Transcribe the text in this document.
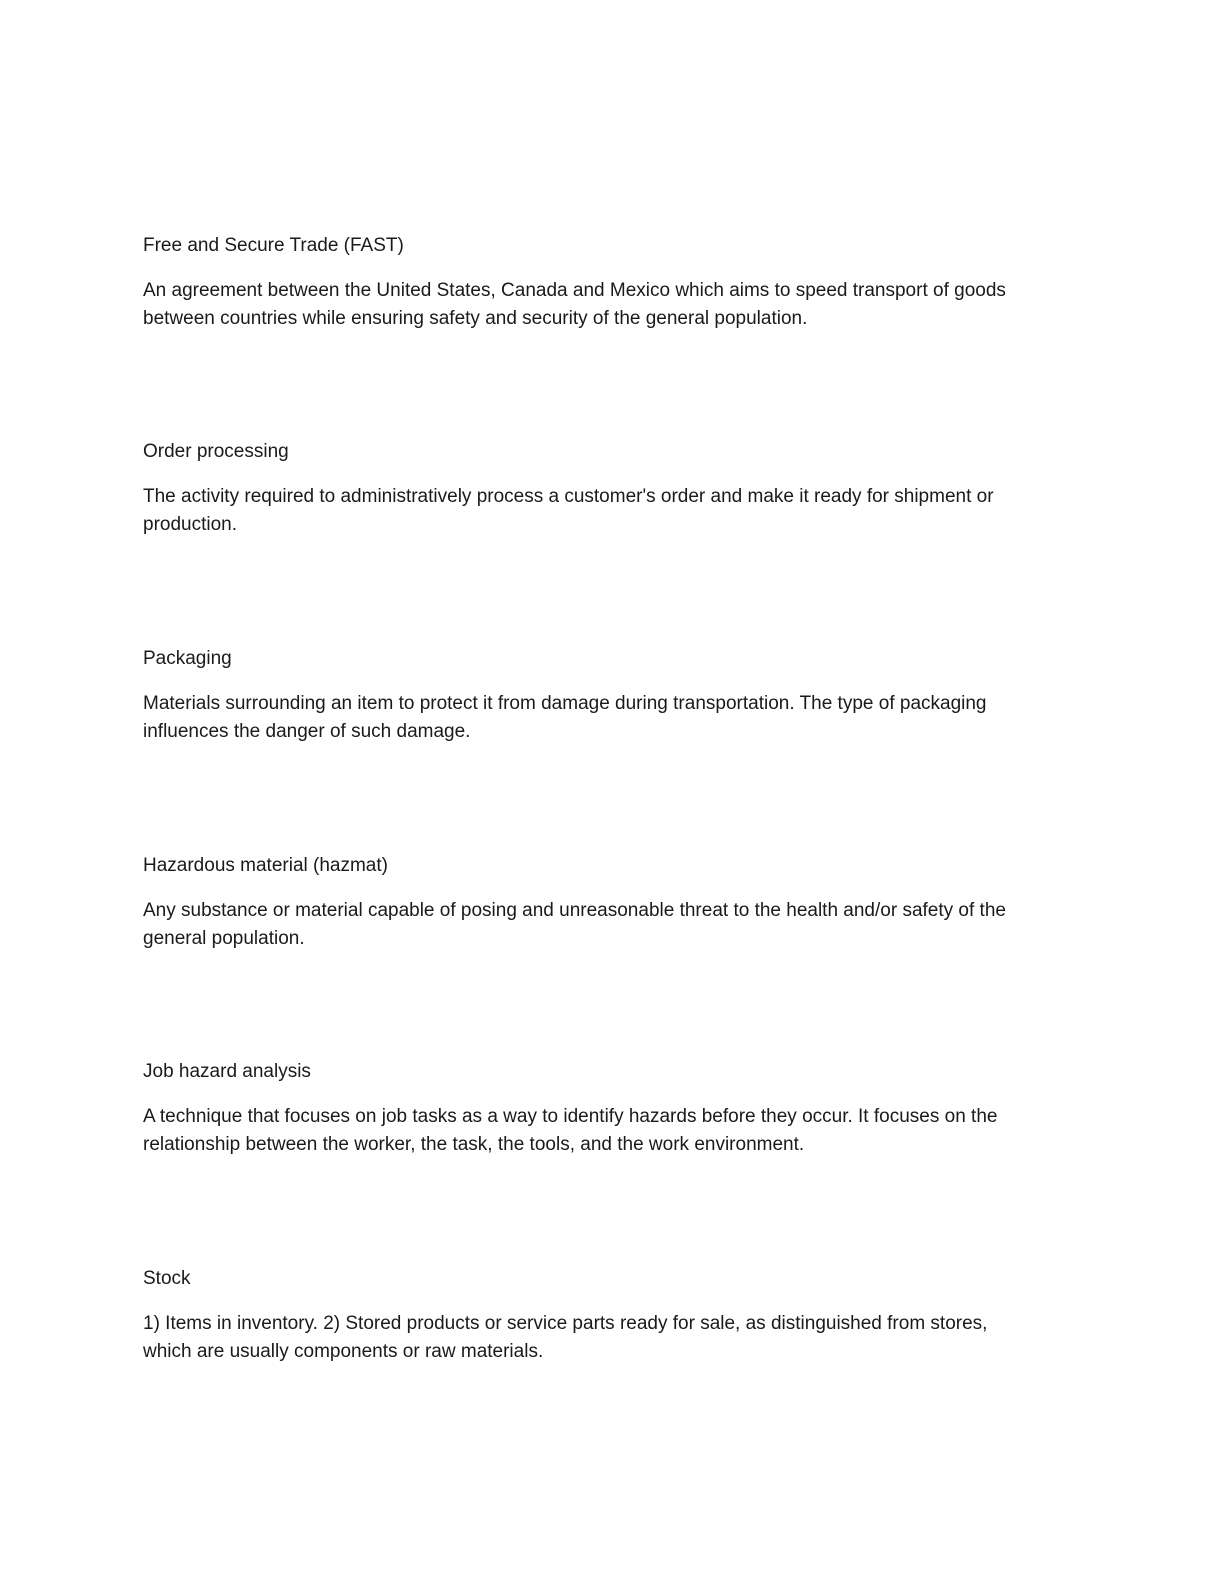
Free and Secure Trade (FAST)

An agreement between the United States, Canada and Mexico which aims to speed transport of goods
between countries while ensuring safety and security of the general population.

Order processing

The activity required to administratively process a customer's order and make it ready for shipment or
production.

Packaging

Materials surrounding an item to protect it from damage during transportation. The type of packaging
influences the danger of such damage.

Hazardous material (hazmat)

Any substance or material capable of posing and unreasonable threat to the health and/or safety of the
general population.

Job hazard analysis

A technique that focuses on job tasks as a way to identify hazards before they occur. It focuses on the
relationship between the worker, the task, the tools, and the work environment.

Stock

1) Items in inventory. 2) Stored products or service parts ready for sale, as distinguished from stores,
which are usually components or raw materials.
